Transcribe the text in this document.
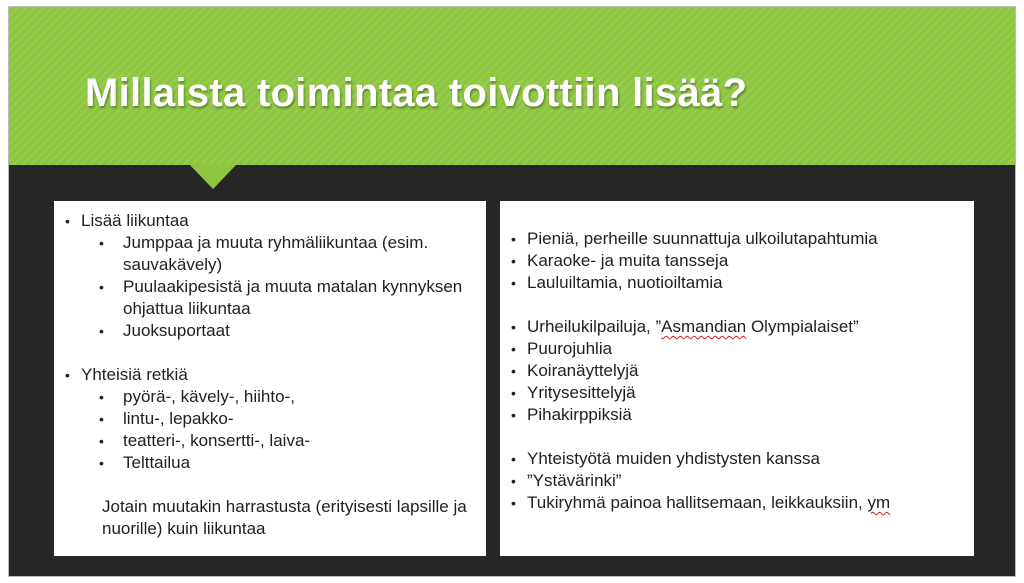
Millaista toimintaa toivottiin lisää?
• Lisää liikuntaa
• Jumppaa ja muuta ryhmäliikuntaa (esim. sauvakävely)
• Puulaakipesistä ja muuta matalan kynnyksen ohjattua liikuntaa
• Juoksuportaat
• Yhteisiä retkiä
• pyörä-, kävely-, hiihto-,
• lintu-, lepakko-
• teatteri-, konsertti-, laiva-
• Telttailua
Jotain muutakin harrastusta (erityisesti lapsille ja nuorille) kuin liikuntaa
• Pieniä, perheille suunnattuja ulkoilutapahtumia
• Karaoke- ja muita tansseja
• Lauluiltamia, nuotioiltamia
• Urheilukilpailuja, ”Asmandian Olympialaiset”
• Puurojuhlia
• Koiranäyttelyjä
• Yritysesittelyjä
• Pihakirppiksiä
• Yhteistyötä muiden yhdistysten kanssa
• ”Ystävärinki”
• Tukiryhmä painoa hallitsemaan, leikkauksiin, ym
